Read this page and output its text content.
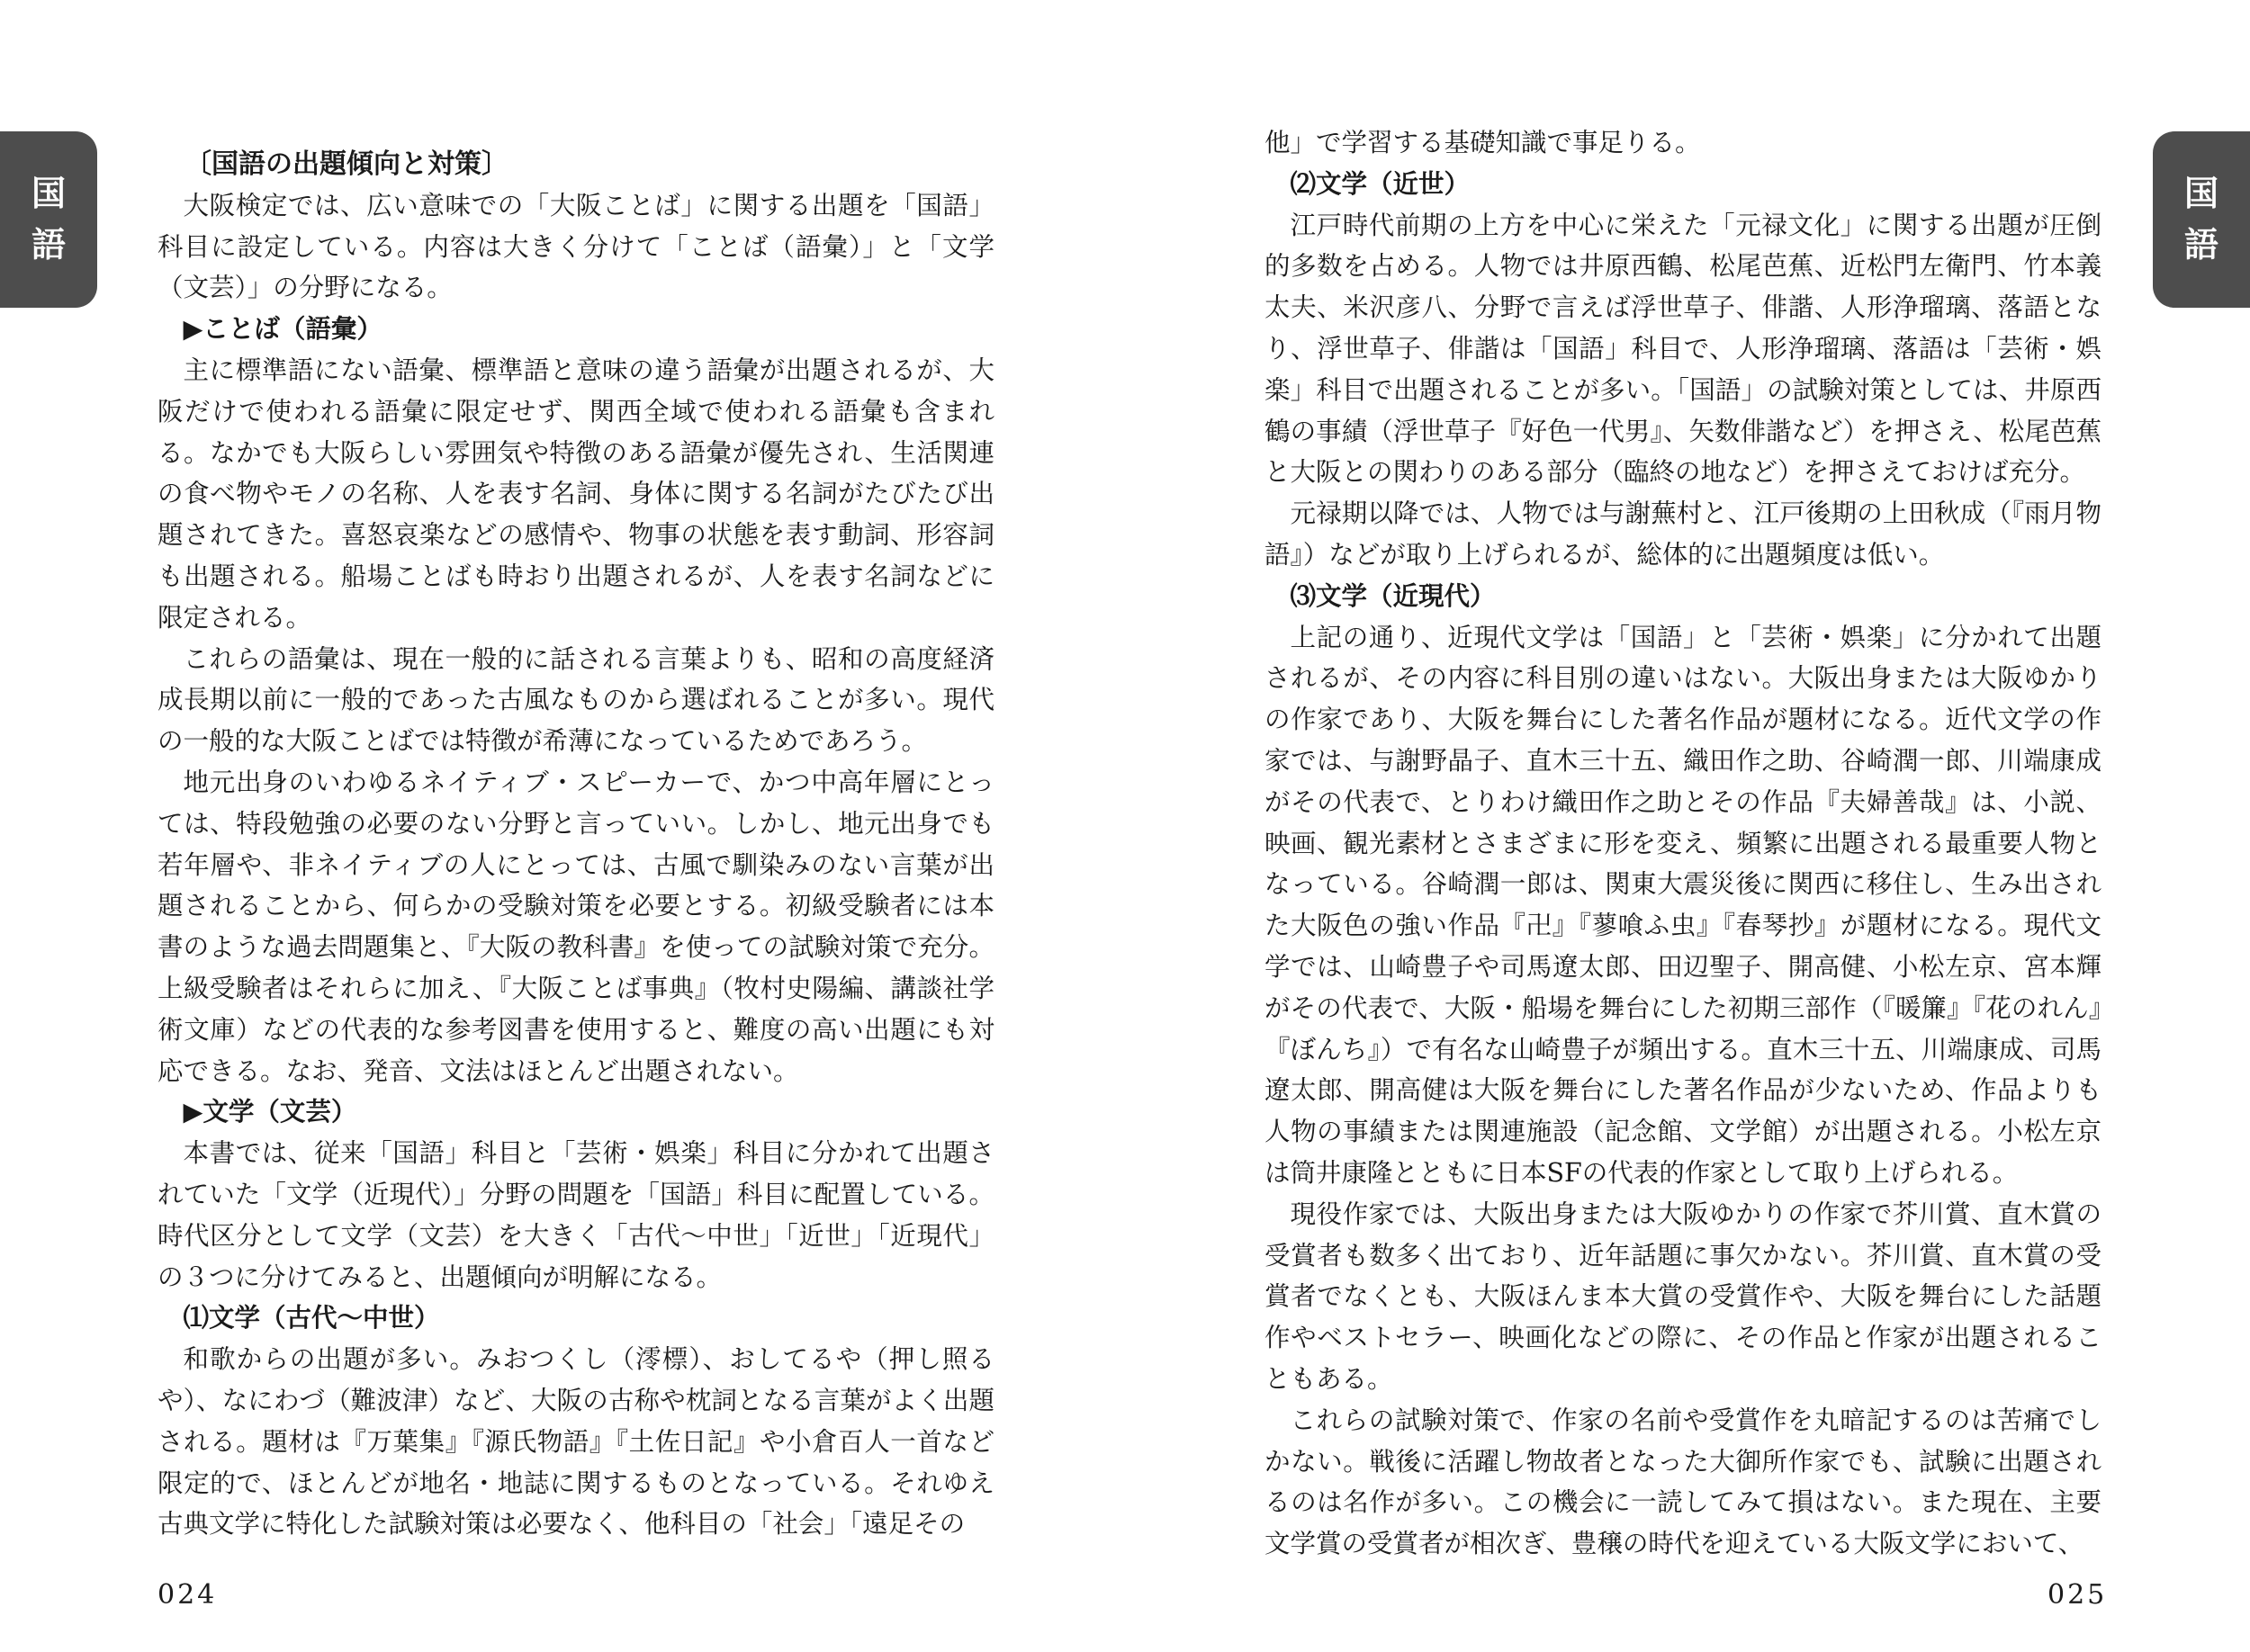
国
語

〔国語の出題傾向と対策〕

大阪検定では、広い意味での「大阪ことば」に関する出題を「国語」科目に設定している。内容は大きく分けて「ことば（語彙）」と「文学（文芸）」の分野になる。

▶ことば（語彙）

主に標準語にない語彙、標準語と意味の違う語彙が出題されるが、大阪だけで使われる語彙に限定せず、関西全域で使われる語彙も含まれる。なかでも大阪らしい雰囲気や特徴のある語彙が優先され、生活関連の食べ物やモノの名称、人を表す名詞、身体に関する名詞がたびたび出題されてきた。喜怒哀楽などの感情や、物事の状態を表す動詞、形容詞も出題される。船場ことばも時おり出題されるが、人を表す名詞などに限定される。

これらの語彙は、現在一般的に話される言葉よりも、昭和の高度経済成長期以前に一般的であった古風なものから選ばれることが多い。現代の一般的な大阪ことばでは特徴が希薄になっているためであろう。

地元出身のいわゆるネイティブ・スピーカーで、かつ中高年層にとっては、特段勉強の必要のない分野と言っていい。しかし、地元出身でも若年層や、非ネイティブの人にとっては、古風で馴染みのない言葉が出題されることから、何らかの受験対策を必要とする。初級受験者には本書のような過去問題集と、『大阪の教科書』を使っての試験対策で充分。上級受験者はそれらに加え、『大阪ことば事典』（牧村史陽編、講談社学術文庫）などの代表的な参考図書を使用すると、難度の高い出題にも対応できる。なお、発音、文法はほとんど出題されない。

▶文学（文芸）

本書では、従来「国語」科目と「芸術・娯楽」科目に分かれて出題されていた「文学（近現代）」分野の問題を「国語」科目に配置している。時代区分として文学（文芸）を大きく「古代〜中世」「近世」「近現代」の３つに分けてみると、出題傾向が明解になる。

⑴文学（古代〜中世）

和歌からの出題が多い。みおつくし（澪標）、おしてるや（押し照るや）、なにわづ（難波津）など、大阪の古称や枕詞となる言葉がよく出題される。題材は『万葉集』『源氏物語』『土佐日記』や小倉百人一首など限定的で、ほとんどが地名・地誌に関するものとなっている。それゆえ古典文学に特化した試験対策は必要なく、他科目の「社会」「遠足その

024
国
語

他」で学習する基礎知識で事足りる。

⑵文学（近世）

江戸時代前期の上方を中心に栄えた「元禄文化」に関する出題が圧倒的多数を占める。人物では井原西鶴、松尾芭蕉、近松門左衛門、竹本義太夫、米沢彦八、分野で言えば浮世草子、俳諧、人形浄瑠璃、落語となり、浮世草子、俳諧は「国語」科目で、人形浄瑠璃、落語は「芸術・娯楽」科目で出題されることが多い。「国語」の試験対策としては、井原西鶴の事績（浮世草子『好色一代男』、矢数俳諧など）を押さえ、松尾芭蕉と大阪との関わりのある部分（臨終の地など）を押さえておけば充分。

元禄期以降では、人物では与謝蕪村と、江戸後期の上田秋成（『雨月物語』）などが取り上げられるが、総体的に出題頻度は低い。

⑶文学（近現代）

上記の通り、近現代文学は「国語」と「芸術・娯楽」に分かれて出題されるが、その内容に科目別の違いはない。大阪出身または大阪ゆかりの作家であり、大阪を舞台にした著名作品が題材になる。近代文学の作家では、与謝野晶子、直木三十五、織田作之助、谷崎潤一郎、川端康成がその代表で、とりわけ織田作之助とその作品『夫婦善哉』は、小説、映画、観光素材とさまざまに形を変え、頻繁に出題される最重要人物となっている。谷崎潤一郎は、関東大震災後に関西に移住し、生み出された大阪色の強い作品『卍』『蓼喰ふ虫』『春琴抄』が題材になる。現代文学では、山崎豊子や司馬遼太郎、田辺聖子、開高健、小松左京、宮本輝がその代表で、大阪・船場を舞台にした初期三部作（『暖簾』『花のれん』『ぼんち』）で有名な山崎豊子が頻出する。直木三十五、川端康成、司馬遼太郎、開高健は大阪を舞台にした著名作品が少ないため、作品よりも人物の事績または関連施設（記念館、文学館）が出題される。小松左京は筒井康隆とともに日本SFの代表的作家として取り上げられる。

現役作家では、大阪出身または大阪ゆかりの作家で芥川賞、直木賞の受賞者も数多く出ており、近年話題に事欠かない。芥川賞、直木賞の受賞者でなくとも、大阪ほんま本大賞の受賞作や、大阪を舞台にした話題作やベストセラー、映画化などの際に、その作品と作家が出題されることもある。

これらの試験対策で、作家の名前や受賞作を丸暗記するのは苦痛でしかない。戦後に活躍し物故者となった大御所作家でも、試験に出題されるのは名作が多い。この機会に一読してみて損はない。また現在、主要文学賞の受賞者が相次ぎ、豊穣の時代を迎えている大阪文学において、

025
